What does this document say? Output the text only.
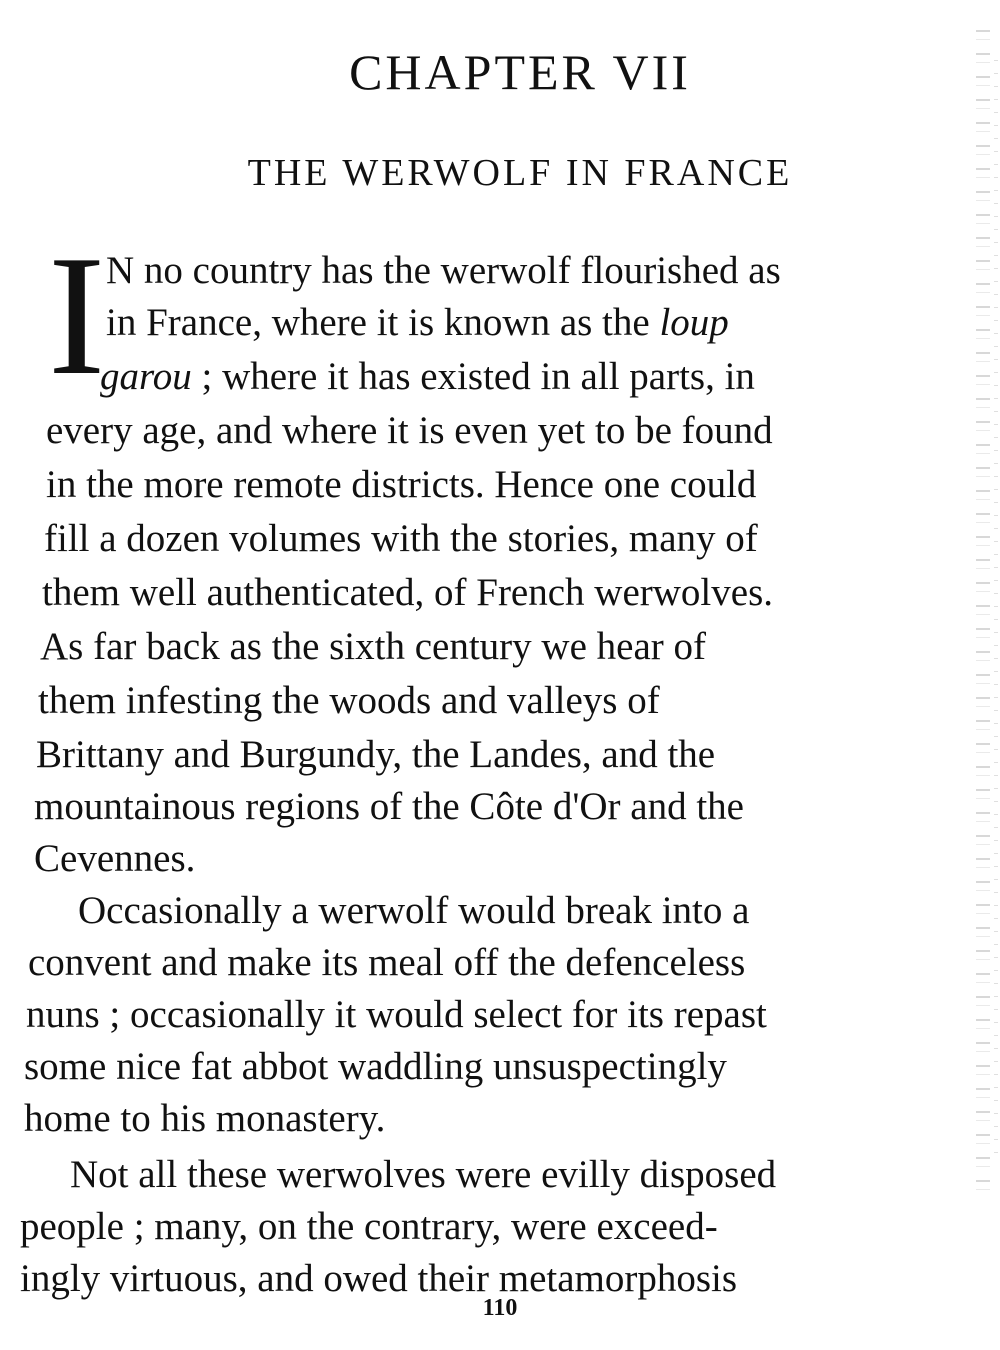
CHAPTER VII
THE WERWOLF IN FRANCE
I N no country has the werwolf flourished as
in France, where it is known as the loup
garou ; where it has existed in all parts, in
every age, and where it is even yet to be found
in the more remote districts. Hence one could
fill a dozen volumes with the stories, many of
them well authenticated, of French werwolves.
As far back as the sixth century we hear of
them infesting the woods and valleys of
Brittany and Burgundy, the Landes, and the
mountainous regions of the Côte d'Or and the
Cevennes.
Occasionally a werwolf would break into a
convent and make its meal off the defenceless
nuns ; occasionally it would select for its repast
some nice fat abbot waddling unsuspectingly
home to his monastery.
Not all these werwolves were evilly disposed
people ; many, on the contrary, were exceed-
ingly virtuous, and owed their metamorphosis
110
